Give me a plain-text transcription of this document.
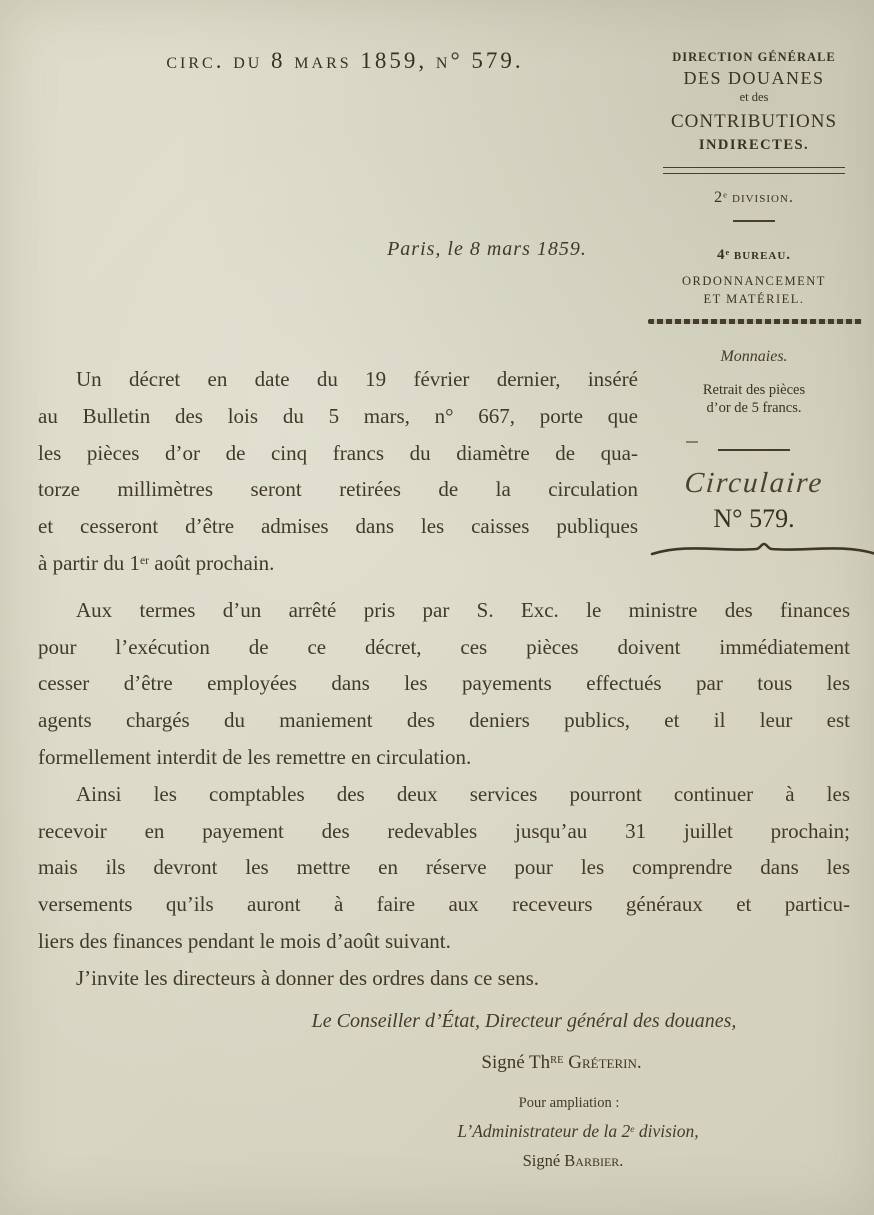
circ. du 8 mars 1859, n° 579.	DIRECTION GÉNÉRALE
DES DOUANES
et des
CONTRIBUTIONS
INDIRECTES.
2e division.
4e bureau.
ORDONNANCEMENT
ET MATÉRIEL.
Monnaies.
Retrait des pièces
d’or de 5 francs.
Circulaire
N° 579.
Paris, le 8 mars 1859.
Un décret en date du 19 février dernier, inséré
au Bulletin des lois du 5 mars, n° 667, porte que
les pièces d’or de cinq francs du diamètre de qua-
torze millimètres seront retirées de la circulation
et cesseront d’être admises dans les caisses publiques
à partir du 1er août prochain.
Aux termes d’un arrêté pris par S. Exc. le ministre des finances
pour l’exécution de ce décret, ces pièces doivent immédiatement
cesser d’être employées dans les payements effectués par tous les
agents chargés du maniement des deniers publics, et il leur est
formellement interdit de les remettre en circulation.
Ainsi les comptables des deux services pourront continuer à les
recevoir en payement des redevables jusqu’au 31 juillet prochain;
mais ils devront les mettre en réserve pour les comprendre dans les
versements qu’ils auront à faire aux receveurs généraux et particu-
liers des finances pendant le mois d’août suivant.
J’invite les directeurs à donner des ordres dans ce sens.
Le Conseiller d’État, Directeur général des douanes,
Signé $Th^{RE}$ Gréterin.
Pour ampliation :
L’Administrateur de la 2e division,
Signé Barbier.
